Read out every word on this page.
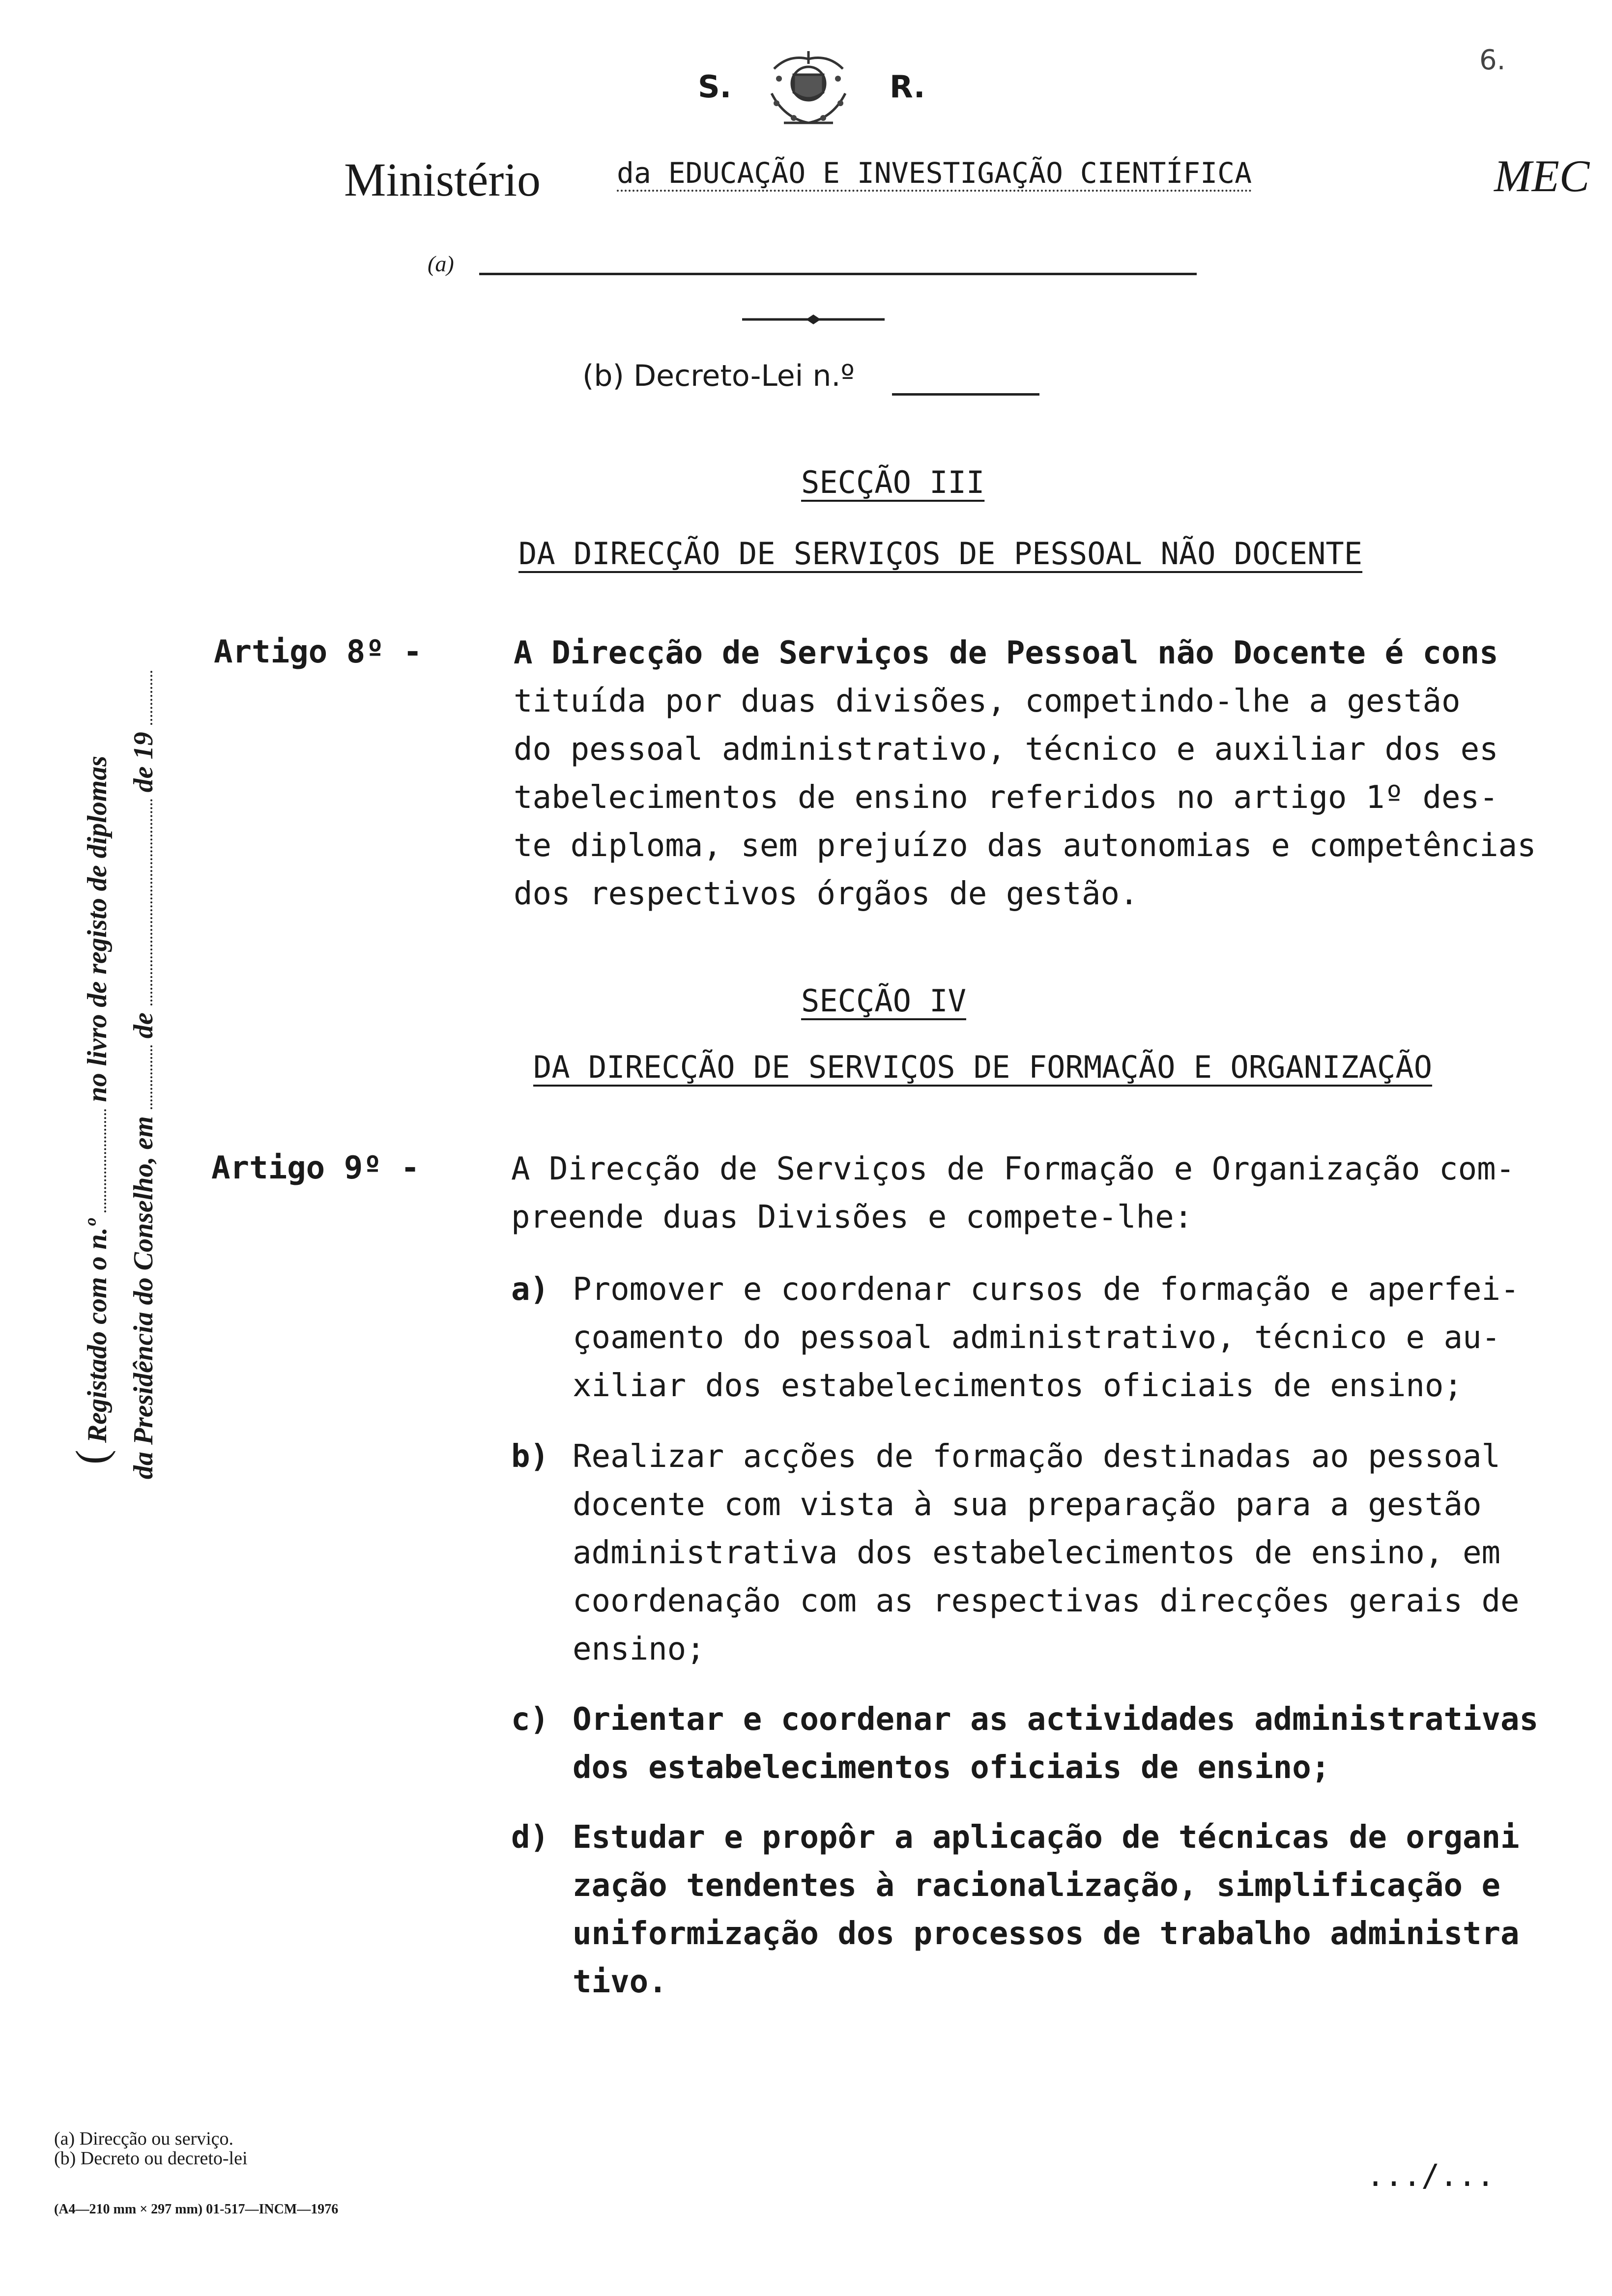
S.	R.
6.
Ministério	da EDUCAÇÃO E INVESTIGAÇÃO CIENTÍFICA	MEC
(a)
(b) Decreto-Lei n.º
( Registado com o n.º  no livro de registo de diplomas
da Presidência do Conselho, em  de  de 19
SECÇÃO III
DA DIRECÇÃO DE SERVIÇOS DE PESSOAL NÃO DOCENTE
Artigo 8º -	A Direcção de Serviços de Pessoal não Docente é cons
tituída por duas divisões, competindo-lhe a gestão
do pessoal administrativo, técnico e auxiliar dos es
tabelecimentos de ensino referidos no artigo 1º des-
te diploma, sem prejuízo das autonomias e competências
dos respectivos órgãos de gestão.
SECÇÃO IV
DA DIRECÇÃO DE SERVIÇOS DE FORMAÇÃO E ORGANIZAÇÃO
Artigo 9º -	A Direcção de Serviços de Formação e Organização com-
preende duas Divisões e compete-lhe:
a) Promover e coordenar cursos de formação e aperfei-
çoamento do pessoal administrativo, técnico e au-
xiliar dos estabelecimentos oficiais de ensino;
b) Realizar acções de formação destinadas ao pessoal
docente com vista à sua preparação para a gestão
administrativa dos estabelecimentos de ensino, em
coordenação com as respectivas direcções gerais de
ensino;
c) Orientar e coordenar as actividades administrativas
dos estabelecimentos oficiais de ensino;
d) Estudar e propôr a aplicação de técnicas de organi
zação tendentes à racionalização, simplificação e
uniformização dos processos de trabalho administra
tivo.
(a) Direcção ou serviço.
(b) Decreto ou decreto-lei
(A4—210 mm × 297 mm) 01-517—INCM—1976
.../...
